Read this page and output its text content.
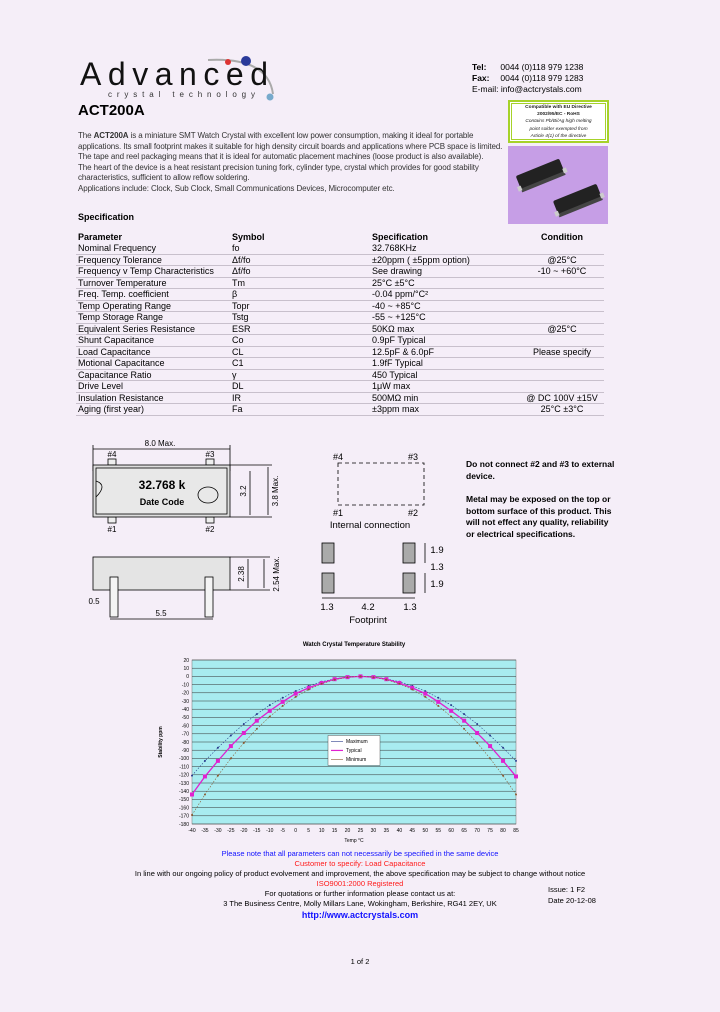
Advanced
crystal technology
ACT200A
Tel: 0044 (0)118 979 1238
Fax: 0044 (0)118 979 1283
E-mail: info@actcrystals.com
Compatible with EU Directive
2002/95/EC - RoHS
Contains Pb/Bi/Ag high melting
point solder exempted from
Article 4(1) of the directive
The ACT200A is a miniature SMT Watch Crystal with excellent low power consumption, making it ideal for portable applications. Its small footprint makes it suitable for high density circuit boards and applications where PCB space is limited. The tape and reel packaging means that it is ideal for automatic placement machines (loose product is also available).
The heart of the device is a heat resistant precision tuning fork, cylinder type, crystal which provides for good stability characteristics, sufficient to allow reflow soldering.
Applications include: Clock, Sub Clock, Small Communications Devices, Microcomputer etc.
Specification
Parameter	Symbol	Specification	Condition
Nominal Frequency	fo	32.768KHz	
Frequency Tolerance	Δf/fo	±20ppm ( ±5ppm option)	@25°C
Frequency v Temp Characteristics	Δf/fo	See drawing	-10 ~ +60°C
Turnover Temperature	Tm	25°C ±5°C	
Freq. Temp. coefficient	β	-0.04 ppm/°C²	
Temp Operating Range	Topr	-40 ~ +85°C	
Temp Storage Range	Tstg	-55 ~ +125°C	
Equivalent Series Resistance	ESR	50KΩ max	@25°C
Shunt Capacitance	Co	0.9pF Typical	
Load Capacitance	CL	12.5pF & 6.0pF	Please specify
Motional Capacitance	C1	1.9fF Typical	
Capacitance Ratio	γ	450 Typical	
Drive Level	DL	1μW max	
Insulation Resistance	IR	500MΩ min	@ DC 100V ±15V
Aging (first year)	Fa	±3ppm max	25°C ±3°C
8.0 Max.
#4	#3
#1	#2
32.768 k
Date Code
3.2	3.8 Max.
2.38	2.54 Max.
0.5
5.5
#4	#3
#1	#2
Internal connection
1.9
1.3
1.9
1.3	4.2	1.3
Footprint

Do not connect #2 and #3 to external device.

Metal may be exposed on the top or bottom surface of this product. This will not effect any quality, reliability or electrical specifications.

Watch Crystal Temperature Stability
-180
-170
-160
-150
-140
-130
-120
-110
-100
-90
-80
-70
-60
-50
-40
-30
-20
-10
0
10
20
-40 -35 -30 -25 -20 -15 -10 -5 0 5 10 15 20 25 30 35 40 45 50 55 60 65 70 75 80 85
Temp °C
Stability ppm	Maximum
Typical
Minimum
Please note that all parameters can not necessarily be specified in the same device
Customer to specify: Load Capacitance
In line with our ongoing policy of product evolvement and improvement, the above specification may be subject to change without notice
ISO9001:2000 Registered
For quotations or further information please contact us at:
3 The Business Centre, Molly Millars Lane, Wokingham, Berkshire, RG41 2EY, UK
http://www.actcrystals.com
Issue: 1 F2
Date 20-12-08
1 of 2
